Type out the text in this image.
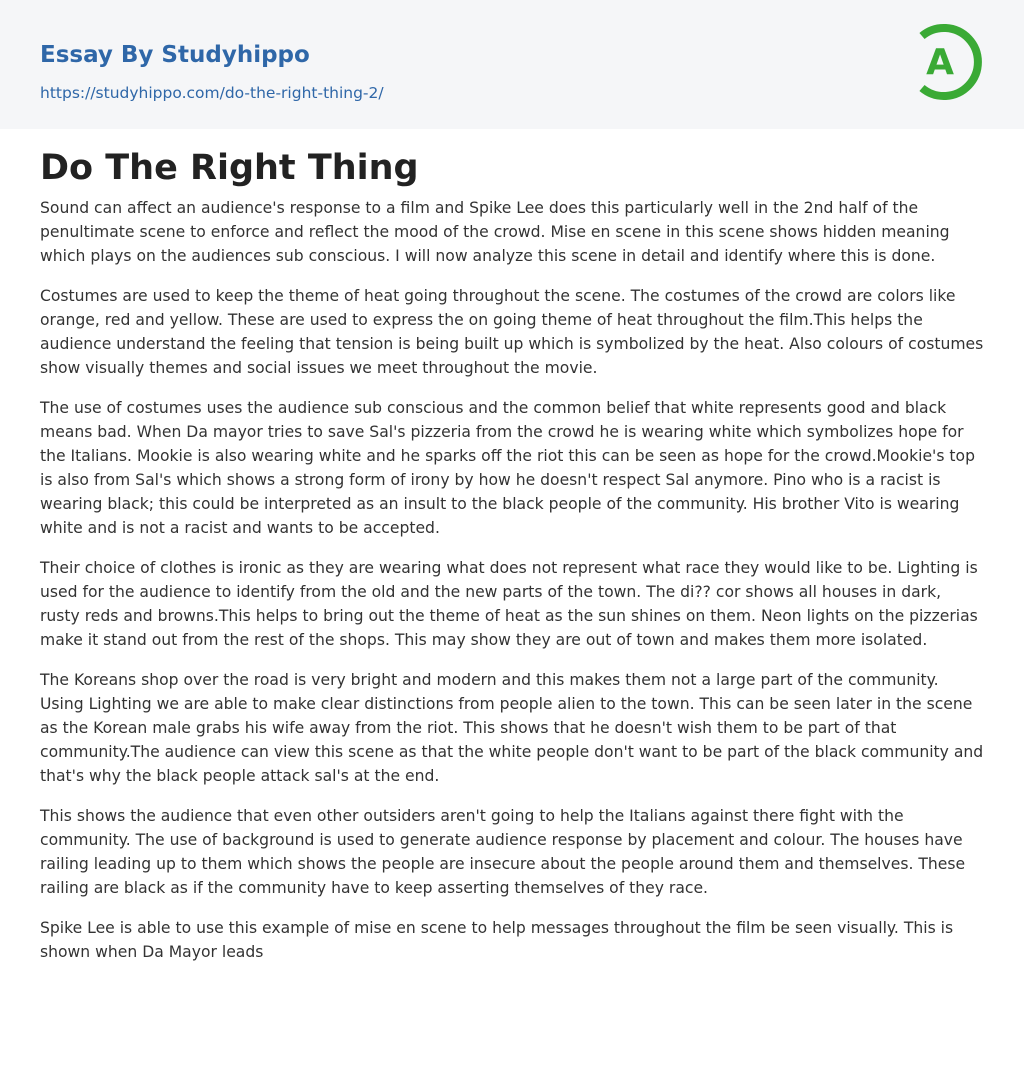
Essay By Studyhippo
https://studyhippo.com/do-the-right-thing-2/
A
Do The Right Thing

Sound can affect an audience's response to a film and Spike Lee does this particularly well in the 2nd half of the penultimate scene to enforce and reflect the mood of the crowd. Mise en scene in this scene shows hidden meaning which plays on the audiences sub conscious. I will now analyze this scene in detail and identify where this is done.

Costumes are used to keep the theme of heat going throughout the scene. The costumes of the crowd are colors like orange, red and yellow. These are used to express the on going theme of heat throughout the film.This helps the audience understand the feeling that tension is being built up which is symbolized by the heat. Also colours of costumes show visually themes and social issues we meet throughout the movie.

The use of costumes uses the audience sub conscious and the common belief that white represents good and black means bad. When Da mayor tries to save Sal's pizzeria from the crowd he is wearing white which symbolizes hope for the Italians. Mookie is also wearing white and he sparks off the riot this can be seen as hope for the crowd.Mookie's top is also from Sal's which shows a strong form of irony by how he doesn't respect Sal anymore. Pino who is a racist is wearing black; this could be interpreted as an insult to the black people of the community. His brother Vito is wearing white and is not a racist and wants to be accepted.

Their choice of clothes is ironic as they are wearing what does not represent what race they would like to be. Lighting is used for the audience to identify from the old and the new parts of the town. The di?? cor shows all houses in dark, rusty reds and browns.This helps to bring out the theme of heat as the sun shines on them. Neon lights on the pizzerias make it stand out from the rest of the shops. This may show they are out of town and makes them more isolated.

The Koreans shop over the road is very bright and modern and this makes them not a large part of the community. Using Lighting we are able to make clear distinctions from people alien to the town. This can be seen later in the scene as the Korean male grabs his wife away from the riot. This shows that he doesn't wish them to be part of that community.The audience can view this scene as that the white people don't want to be part of the black community and that's why the black people attack sal's at the end.

This shows the audience that even other outsiders aren't going to help the Italians against there fight with the community. The use of background is used to generate audience response by placement and colour. The houses have railing leading up to them which shows the people are insecure about the people around them and themselves. These railing are black as if the community have to keep asserting themselves of they race.

Spike Lee is able to use this example of mise en scene to help messages throughout the film be seen visually. This is shown when Da Mayor leads
